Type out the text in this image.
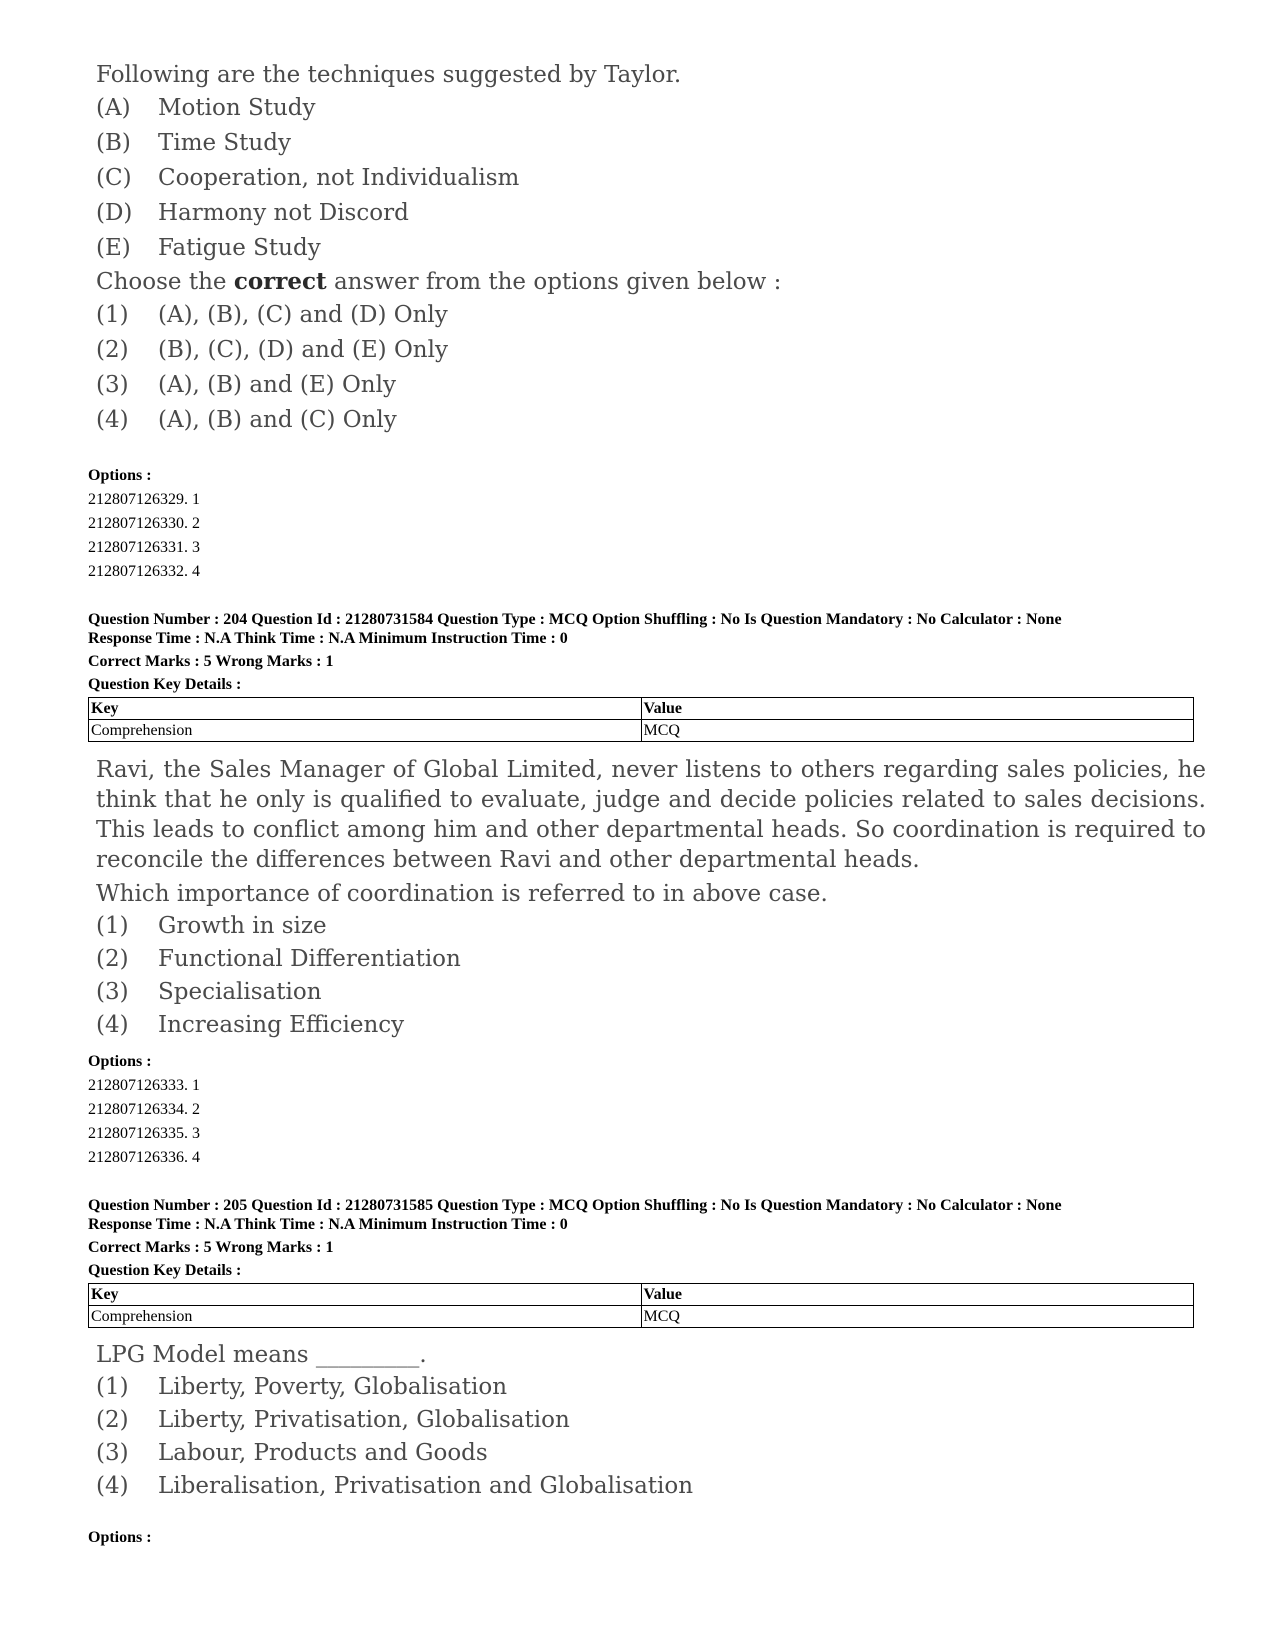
Following are the techniques suggested by Taylor.

(A)	Motion Study
(B)	Time Study
(C)	Cooperation, not Individualism
(D)	Harmony not Discord
(E)	Fatigue Study

Choose the correct answer from the options given below :

(1)	(A), (B), (C) and (D) Only
(2)	(B), (C), (D) and (E) Only
(3)	(A), (B) and (E) Only
(4)	(A), (B) and (C) Only

Options :

212807126329. 1

212807126330. 2

212807126331. 3

212807126332. 4

Question Number : 204 Question Id : 21280731584 Question Type : MCQ Option Shuffling : No Is Question Mandatory : No Calculator : None

Response Time : N.A Think Time : N.A Minimum Instruction Time : 0

Correct Marks : 5 Wrong Marks : 1

Question Key Details :

Key	Value
Comprehension	MCQ

Ravi, the Sales Manager of Global Limited, never listens to others regarding sales policies, he think that he only is qualified to evaluate, judge and decide policies related to sales decisions. This leads to conflict among him and other departmental heads. So coordination is required to reconcile the differences between Ravi and other departmental heads.

Which importance of coordination is referred to in above case.

(1)	Growth in size
(2)	Functional Differentiation
(3)	Specialisation
(4)	Increasing Efficiency

Options :

212807126333. 1

212807126334. 2

212807126335. 3

212807126336. 4

Question Number : 205 Question Id : 21280731585 Question Type : MCQ Option Shuffling : No Is Question Mandatory : No Calculator : None

Response Time : N.A Think Time : N.A Minimum Instruction Time : 0

Correct Marks : 5 Wrong Marks : 1

Question Key Details :

Key	Value
Comprehension	MCQ

LPG Model means _________.

(1)	Liberty, Poverty, Globalisation
(2)	Liberty, Privatisation, Globalisation
(3)	Labour, Products and Goods
(4)	Liberalisation, Privatisation and Globalisation

Options :
